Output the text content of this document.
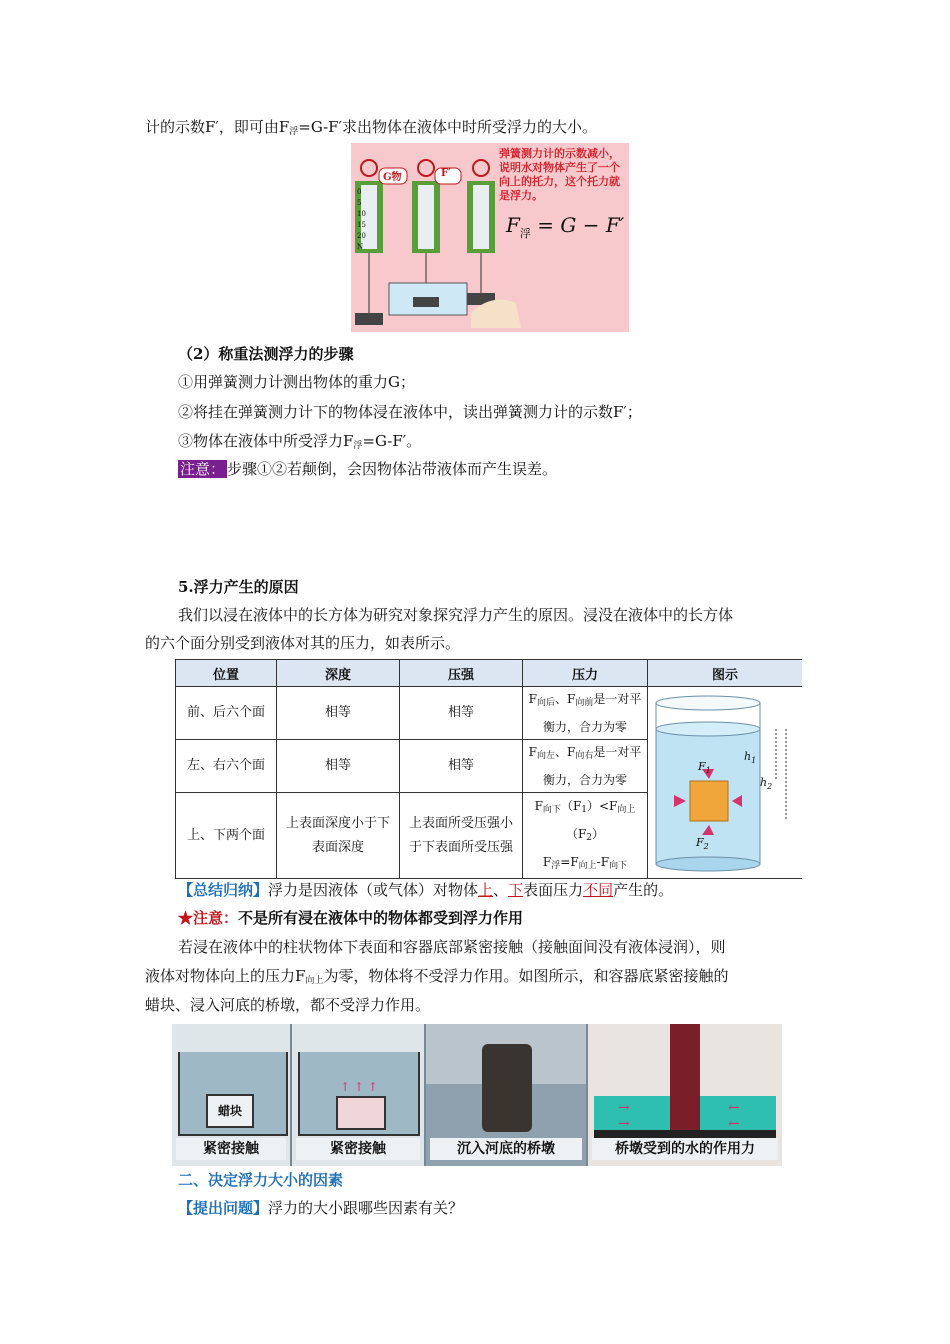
计的示数F′，即可由$F_浮=G-F'$求出物体在液体中时所受浮力的大小。
G物	F′
0
5
10
15
20
N
弹簧测力计的示数减小，说明水对物体产生了一个向上的托力，这个托力就是浮力。
$F_浮 = G - F'$
（2）称重法测浮力的步骤
①用弹簧测力计测出物体的重力G；
②将挂在弹簧测力计下的物体浸在液体中，读出弹簧测力计的示数F′；
③物体在液体中所受浮力$F_浮=G-F'$。
注意： 步骤①②若颠倒，会因物体沾带液体而产生误差。
5.浮力产生的原因
我们以浸在液体中的长方体为研究对象探究浮力产生的原因。浸没在液体中的长方体
的六个面分别受到液体对其的压力，如表所示。
位置	深度	压强	压力	图示
前、后六个面	相等	相等	$F_{向后}$、$F_{向前}$是一对平衡力，合力为零	$h_1$
$h_2$
$F_1$
$F_2$

左、右六个面	相等	相等	$F_{向左}$、$F_{向右}$是一对平衡力，合力为零	
上、下两个面	上表面深度小于下表面深度	上表面所受压强小于下表面所受压强	$F_{向下}(F_1)<F_{向上}(F_2)$
$F_浮=F_{向上}-F_{向下}$
【总结归纳】浮力是因液体（或气体）对物体上、下表面压力不同产生的。
★注意：不是所有浸在液体中的物体都受到浮力作用
若浸在液体中的柱状物体下表面和容器底部紧密接触（接触面间没有液体浸润），则
液体对物体向上的压力$F_{向上}$为零，物体将不受浮力作用。如图所示，和容器底紧密接触的
蜡块、浸入河底的桥墩，都不受浮力作用。
蜡块
紧密接触
↑ ↑ ↑
紧密接触	沉入河底的桥墩
→
→
←
←
桥墩受到的水的作用力
二、决定浮力大小的因素
【提出问题】浮力的大小跟哪些因素有关？
